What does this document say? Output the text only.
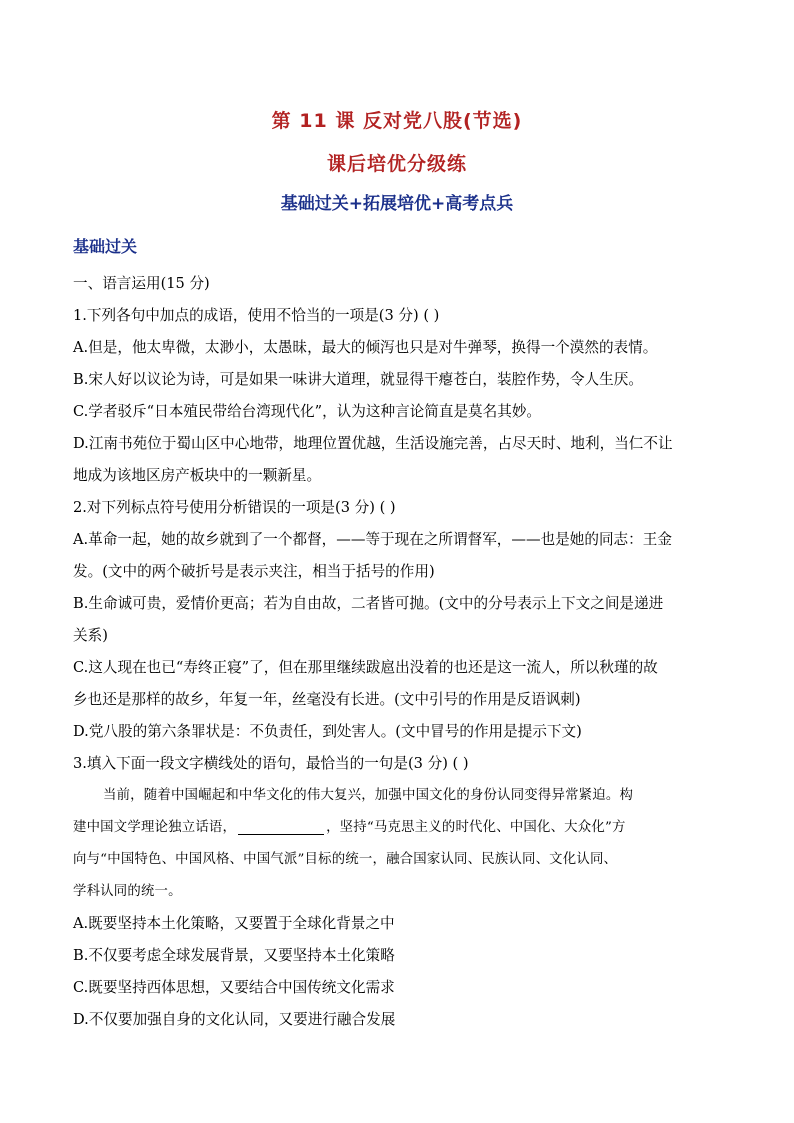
第 11 课 反对党八股(节选)
课后培优分级练
基础过关+拓展培优+高考点兵
基础过关
一、语言运用(15 分)
1.下列各句中加点的成语，使用不恰当的一项是(3 分) ( )
A.但是，他太卑微，太渺小，太愚昧，最大的倾泻也只是对牛弹琴，换得一个漠然的表情。
B.宋人好以议论为诗，可是如果一味讲大道理，就显得干瘪苍白，装腔作势，令人生厌。
C.学者驳斥“日本殖民带给台湾现代化”，认为这种言论简直是莫名其妙。
D.江南书苑位于蜀山区中心地带，地理位置优越，生活设施完善，占尽天时、地利，当仁不让
地成为该地区房产板块中的一颗新星。
2.对下列标点符号使用分析错误的一项是(3 分) ( )
A.革命一起，她的故乡就到了一个都督，——等于现在之所谓督军，——也是她的同志：王金
发。(文中的两个破折号是表示夹注，相当于括号的作用)
B.生命诚可贵，爱情价更高；若为自由故，二者皆可抛。(文中的分号表示上下文之间是递进
关系)
C.这人现在也已“寿终正寝”了，但在那里继续跋扈出没着的也还是这一流人，所以秋瑾的故
乡也还是那样的故乡，年复一年，丝毫没有长进。(文中引号的作用是反语讽刺)
D.党八股的第六条罪状是：不负责任，到处害人。(文中冒号的作用是提示下文)
3.填入下面一段文字横线处的语句，最恰当的一句是(3 分) ( )
当前，随着中国崛起和中华文化的伟大复兴，加强中国文化的身份认同变得异常紧迫。构
建中国文学理论独立话语，	，坚持“马克思主义的时代化、中国化、大众化”方
向与“中国特色、中国风格、中国气派”目标的统一，融合国家认同、民族认同、文化认同、
学科认同的统一。
A.既要坚持本土化策略，又要置于全球化背景之中
B.不仅要考虑全球发展背景，又要坚持本土化策略
C.既要坚持西体思想，又要结合中国传统文化需求
D.不仅要加强自身的文化认同，又要进行融合发展
